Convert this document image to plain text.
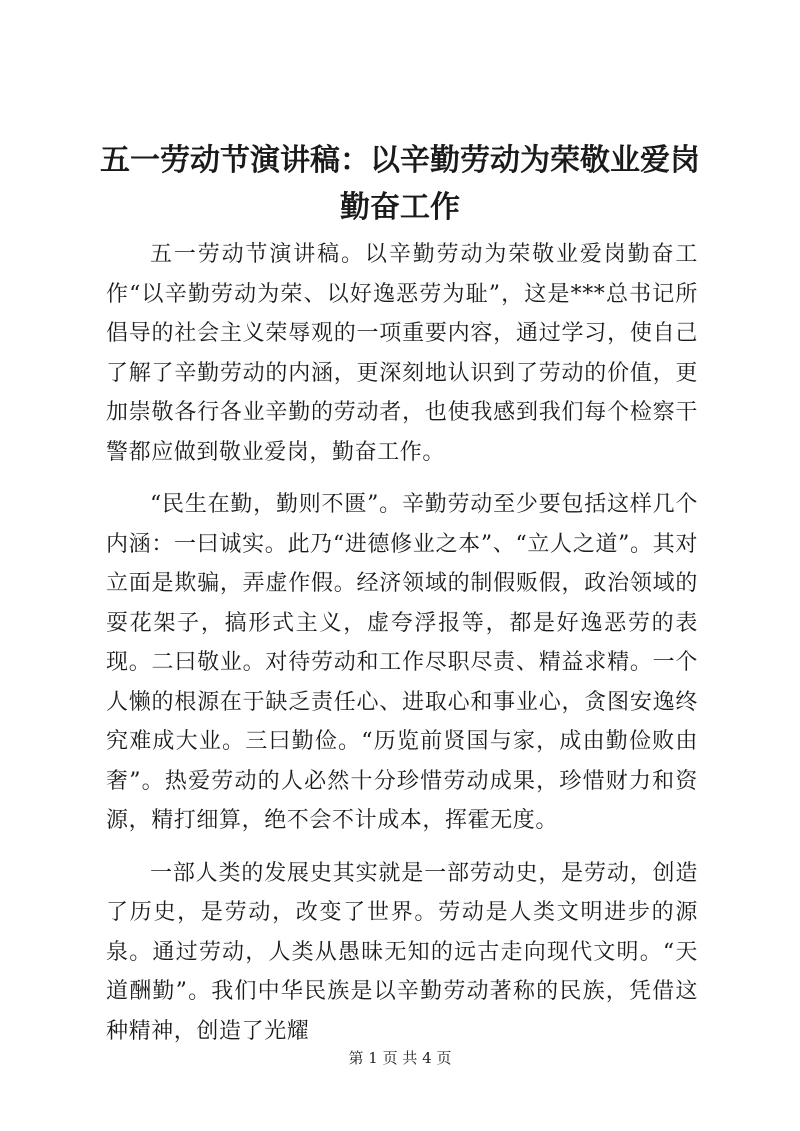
五一劳动节演讲稿：以辛勤劳动为荣敬业爱岗勤奋工作

五一劳动节演讲稿。以辛勤劳动为荣敬业爱岗勤奋工作“以辛勤劳动为荣、以好逸恶劳为耻”，这是***总书记所倡导的社会主义荣辱观的一项重要内容，通过学习，使自己了解了辛勤劳动的内涵，更深刻地认识到了劳动的价值，更加崇敬各行各业辛勤的劳动者，也使我感到我们每个检察干警都应做到敬业爱岗，勤奋工作。

“民生在勤，勤则不匮”。辛勤劳动至少要包括这样几个内涵：一曰诚实。此乃“进德修业之本”、“立人之道”。其对立面是欺骗，弄虚作假。经济领域的制假贩假，政治领域的耍花架子，搞形式主义，虚夸浮报等，都是好逸恶劳的表现。二曰敬业。对待劳动和工作尽职尽责、精益求精。一个人懒的根源在于缺乏责任心、进取心和事业心，贪图安逸终究难成大业。三曰勤俭。“历览前贤国与家，成由勤俭败由奢”。热爱劳动的人必然十分珍惜劳动成果，珍惜财力和资源，精打细算，绝不会不计成本，挥霍无度。

一部人类的发展史其实就是一部劳动史，是劳动，创造了历史，是劳动，改变了世界。劳动是人类文明进步的源泉。通过劳动，人类从愚昧无知的远古走向现代文明。“天道酬勤”。我们中华民族是以辛勤劳动著称的民族，凭借这种精神，创造了光耀

第 1 页 共 4 页
